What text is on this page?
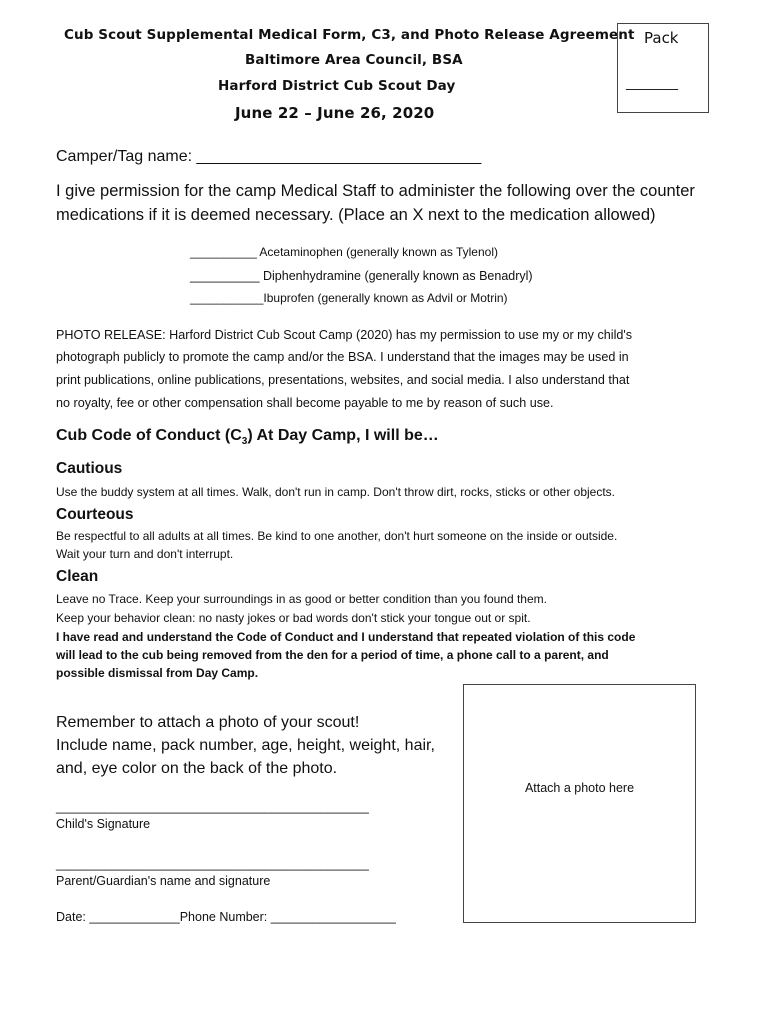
Cub Scout Supplemental Medical Form, C3, and Photo Release Agreement
Baltimore Area Council, BSA
Harford District Cub Scout Day
June 22 – June 26, 2020
Pack
________
Camper/Tag name: ________________________________
I give permission for the camp Medical Staff to administer the following over the counter
medications if it is deemed necessary. (Place an X next to the medication allowed)
__________ Acetaminophen (generally known as Tylenol)
__________ Diphenhydramine (generally known as Benadryl)
___________Ibuprofen (generally known as Advil or Motrin)
PHOTO RELEASE: Harford District Cub Scout Camp (2020) has my permission to use my or my child's
photograph publicly to promote the camp and/or the BSA. I understand that the images may be used in
print publications, online publications, presentations, websites, and social media. I also understand that
no royalty, fee or other compensation shall become payable to me by reason of such use.
Cub Code of Conduct $(C_3)$ At Day Camp, I will be…
Cautious
Use the buddy system at all times. Walk, don't run in camp. Don't throw dirt, rocks, sticks or other objects.
Courteous
Be respectful to all adults at all times. Be kind to one another, don't hurt someone on the inside or outside.
Wait your turn and don't interrupt.
Clean
Leave no Trace. Keep your surroundings in as good or better condition than you found them.
Keep your behavior clean: no nasty jokes or bad words don't stick your tongue out or spit.
I have read and understand the Code of Conduct and I understand that repeated violation of this code
will lead to the cub being removed from the den for a period of time, a phone call to a parent, and
possible dismissal from Day Camp.
Remember to attach a photo of your scout!
Include name, pack number, age, height, weight, hair,
and, eye color on the back of the photo.
Attach a photo here
_____________________________________________
Child's Signature
_____________________________________________
Parent/Guardian's name and signature
Date: _____________Phone Number: __________________
